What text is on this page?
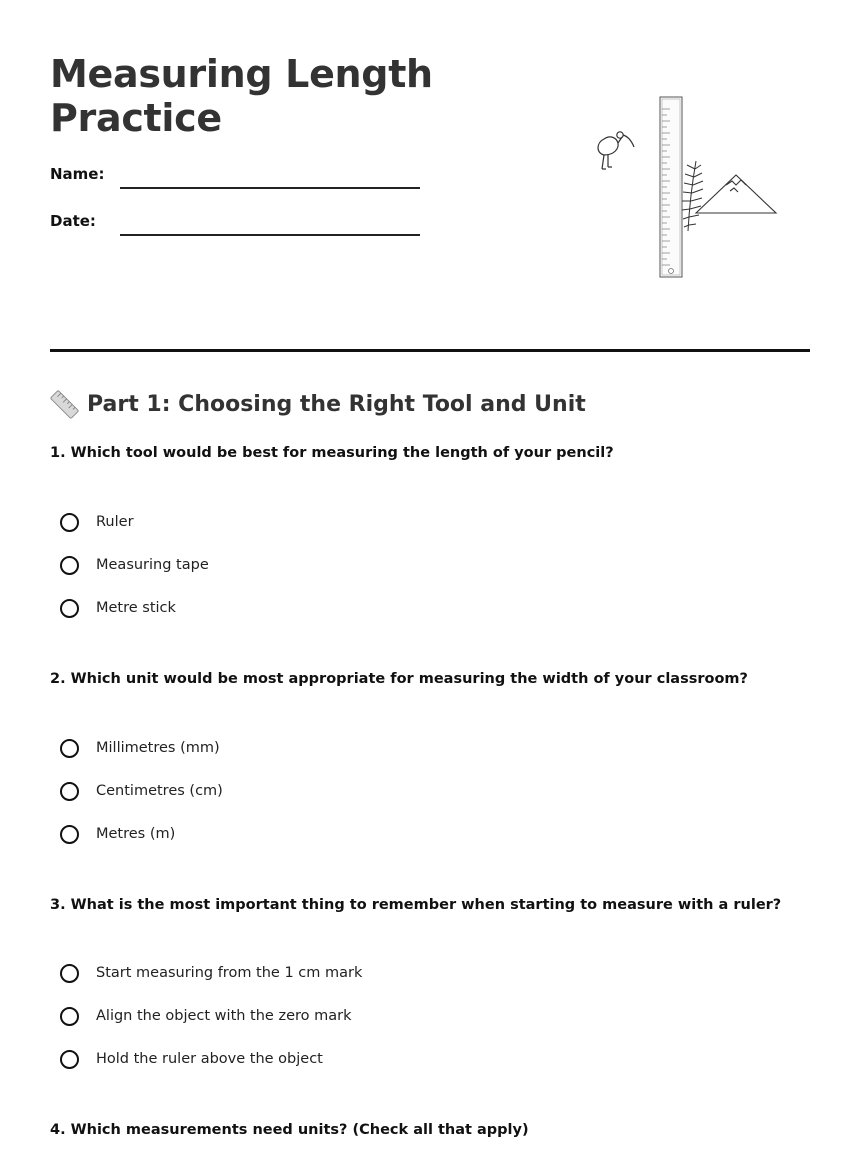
Measuring Length
Practice
Name:
Date:
Part 1: Choosing the Right Tool and Unit
1. Which tool would be best for measuring the length of your pencil?
Ruler
Measuring tape
Metre stick
2. Which unit would be most appropriate for measuring the width of your classroom?
Millimetres (mm)
Centimetres (cm)
Metres (m)
3. What is the most important thing to remember when starting to measure with a ruler?
Start measuring from the 1 cm mark
Align the object with the zero mark
Hold the ruler above the object
4. Which measurements need units? (Check all that apply)
